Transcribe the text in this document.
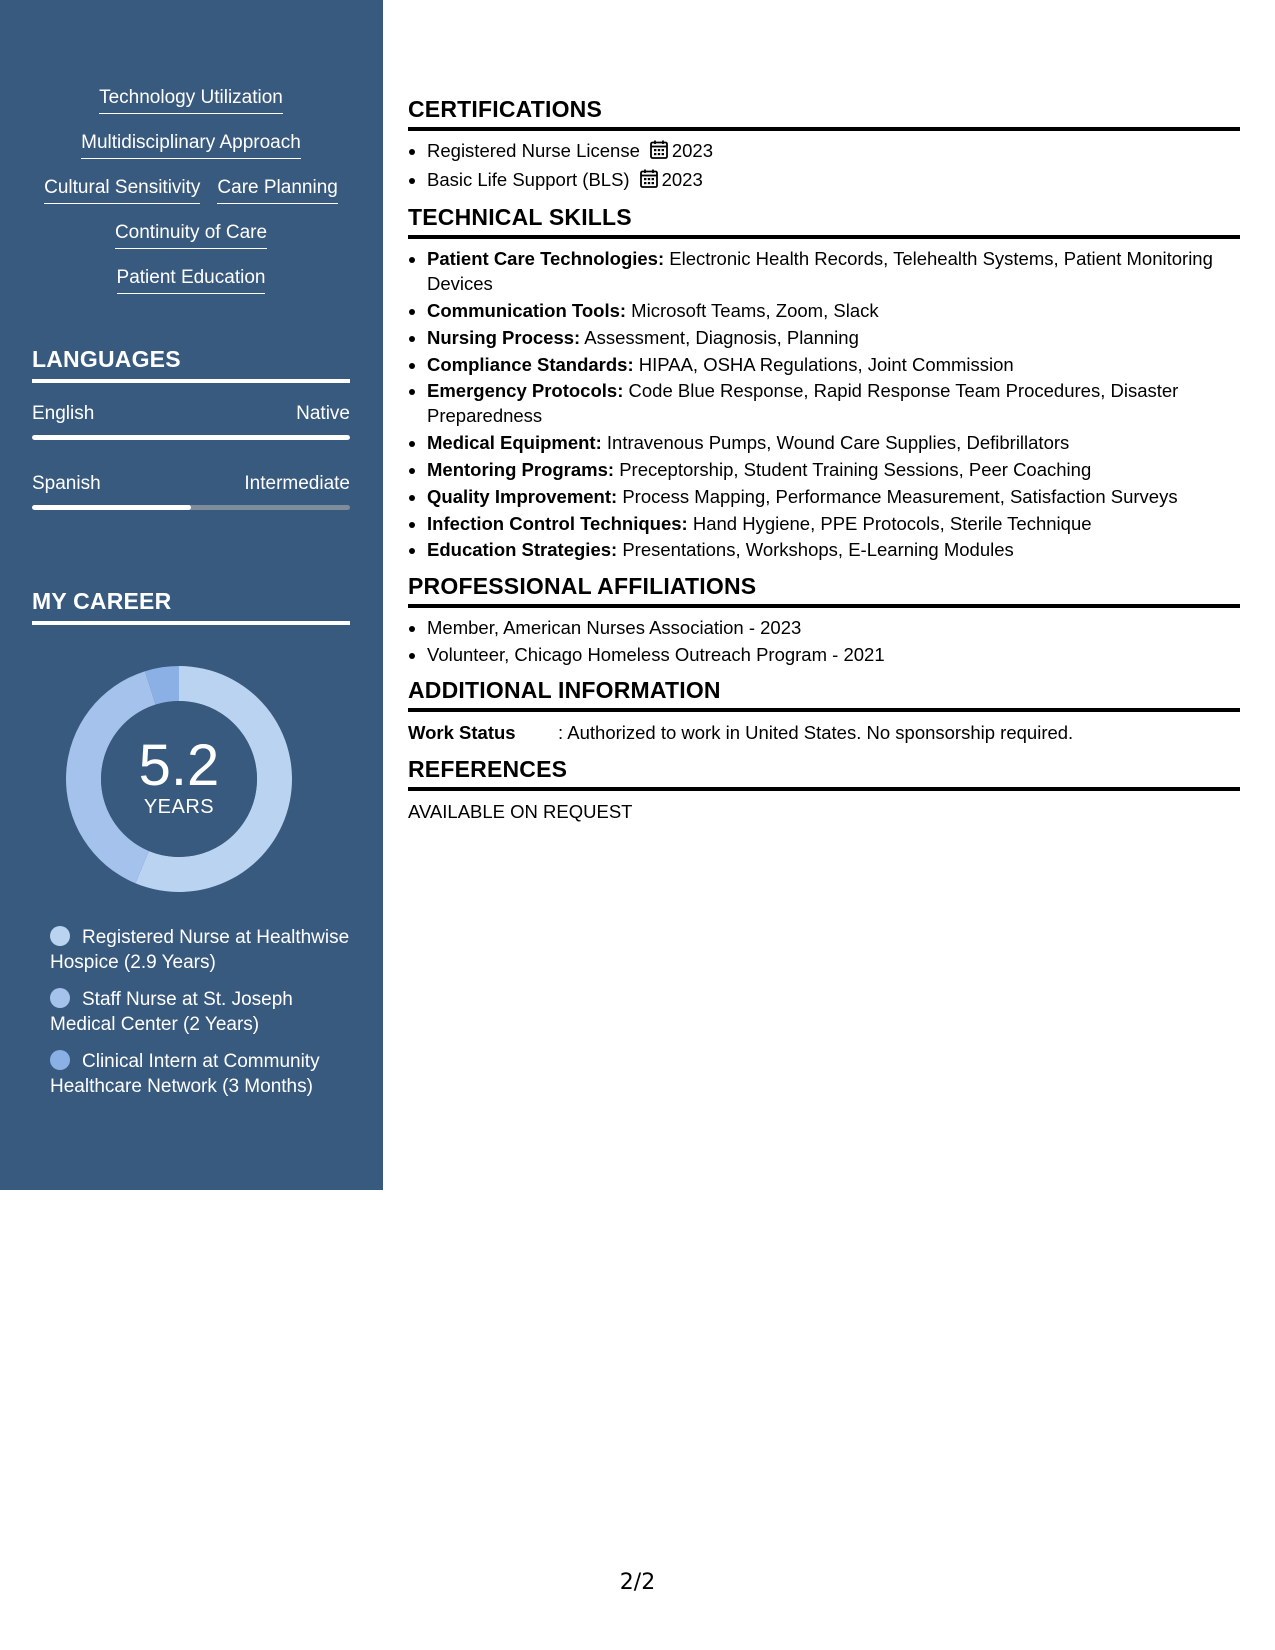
Technology Utilization
Multidisciplinary Approach
Cultural Sensitivity Care Planning
Continuity of Care
Patient Education
LANGUAGES
English	Native
Spanish	Intermediate
MY CAREER
5.2
YEARS
Registered Nurse at Healthwise Hospice (2.9 Years)
Staff Nurse at St. Joseph Medical Center (2 Years)
Clinical Intern at Community Healthcare Network (3 Months)
CERTIFICATIONS
Registered Nurse License 2023
Basic Life Support (BLS) 2023
TECHNICAL SKILLS
Patient Care Technologies: Electronic Health Records, Telehealth Systems, Patient Monitoring Devices
Communication Tools: Microsoft Teams, Zoom, Slack
Nursing Process: Assessment, Diagnosis, Planning
Compliance Standards: HIPAA, OSHA Regulations, Joint Commission
Emergency Protocols: Code Blue Response, Rapid Response Team Procedures, Disaster Preparedness
Medical Equipment: Intravenous Pumps, Wound Care Supplies, Defibrillators
Mentoring Programs: Preceptorship, Student Training Sessions, Peer Coaching
Quality Improvement: Process Mapping, Performance Measurement, Satisfaction Surveys
Infection Control Techniques: Hand Hygiene, PPE Protocols, Sterile Technique
Education Strategies: Presentations, Workshops, E-Learning Modules
PROFESSIONAL AFFILIATIONS
Member, American Nurses Association - 2023
Volunteer, Chicago Homeless Outreach Program - 2021
ADDITIONAL INFORMATION
Work Status	: Authorized to work in United States. No sponsorship required.
REFERENCES
AVAILABLE ON REQUEST
2/2
